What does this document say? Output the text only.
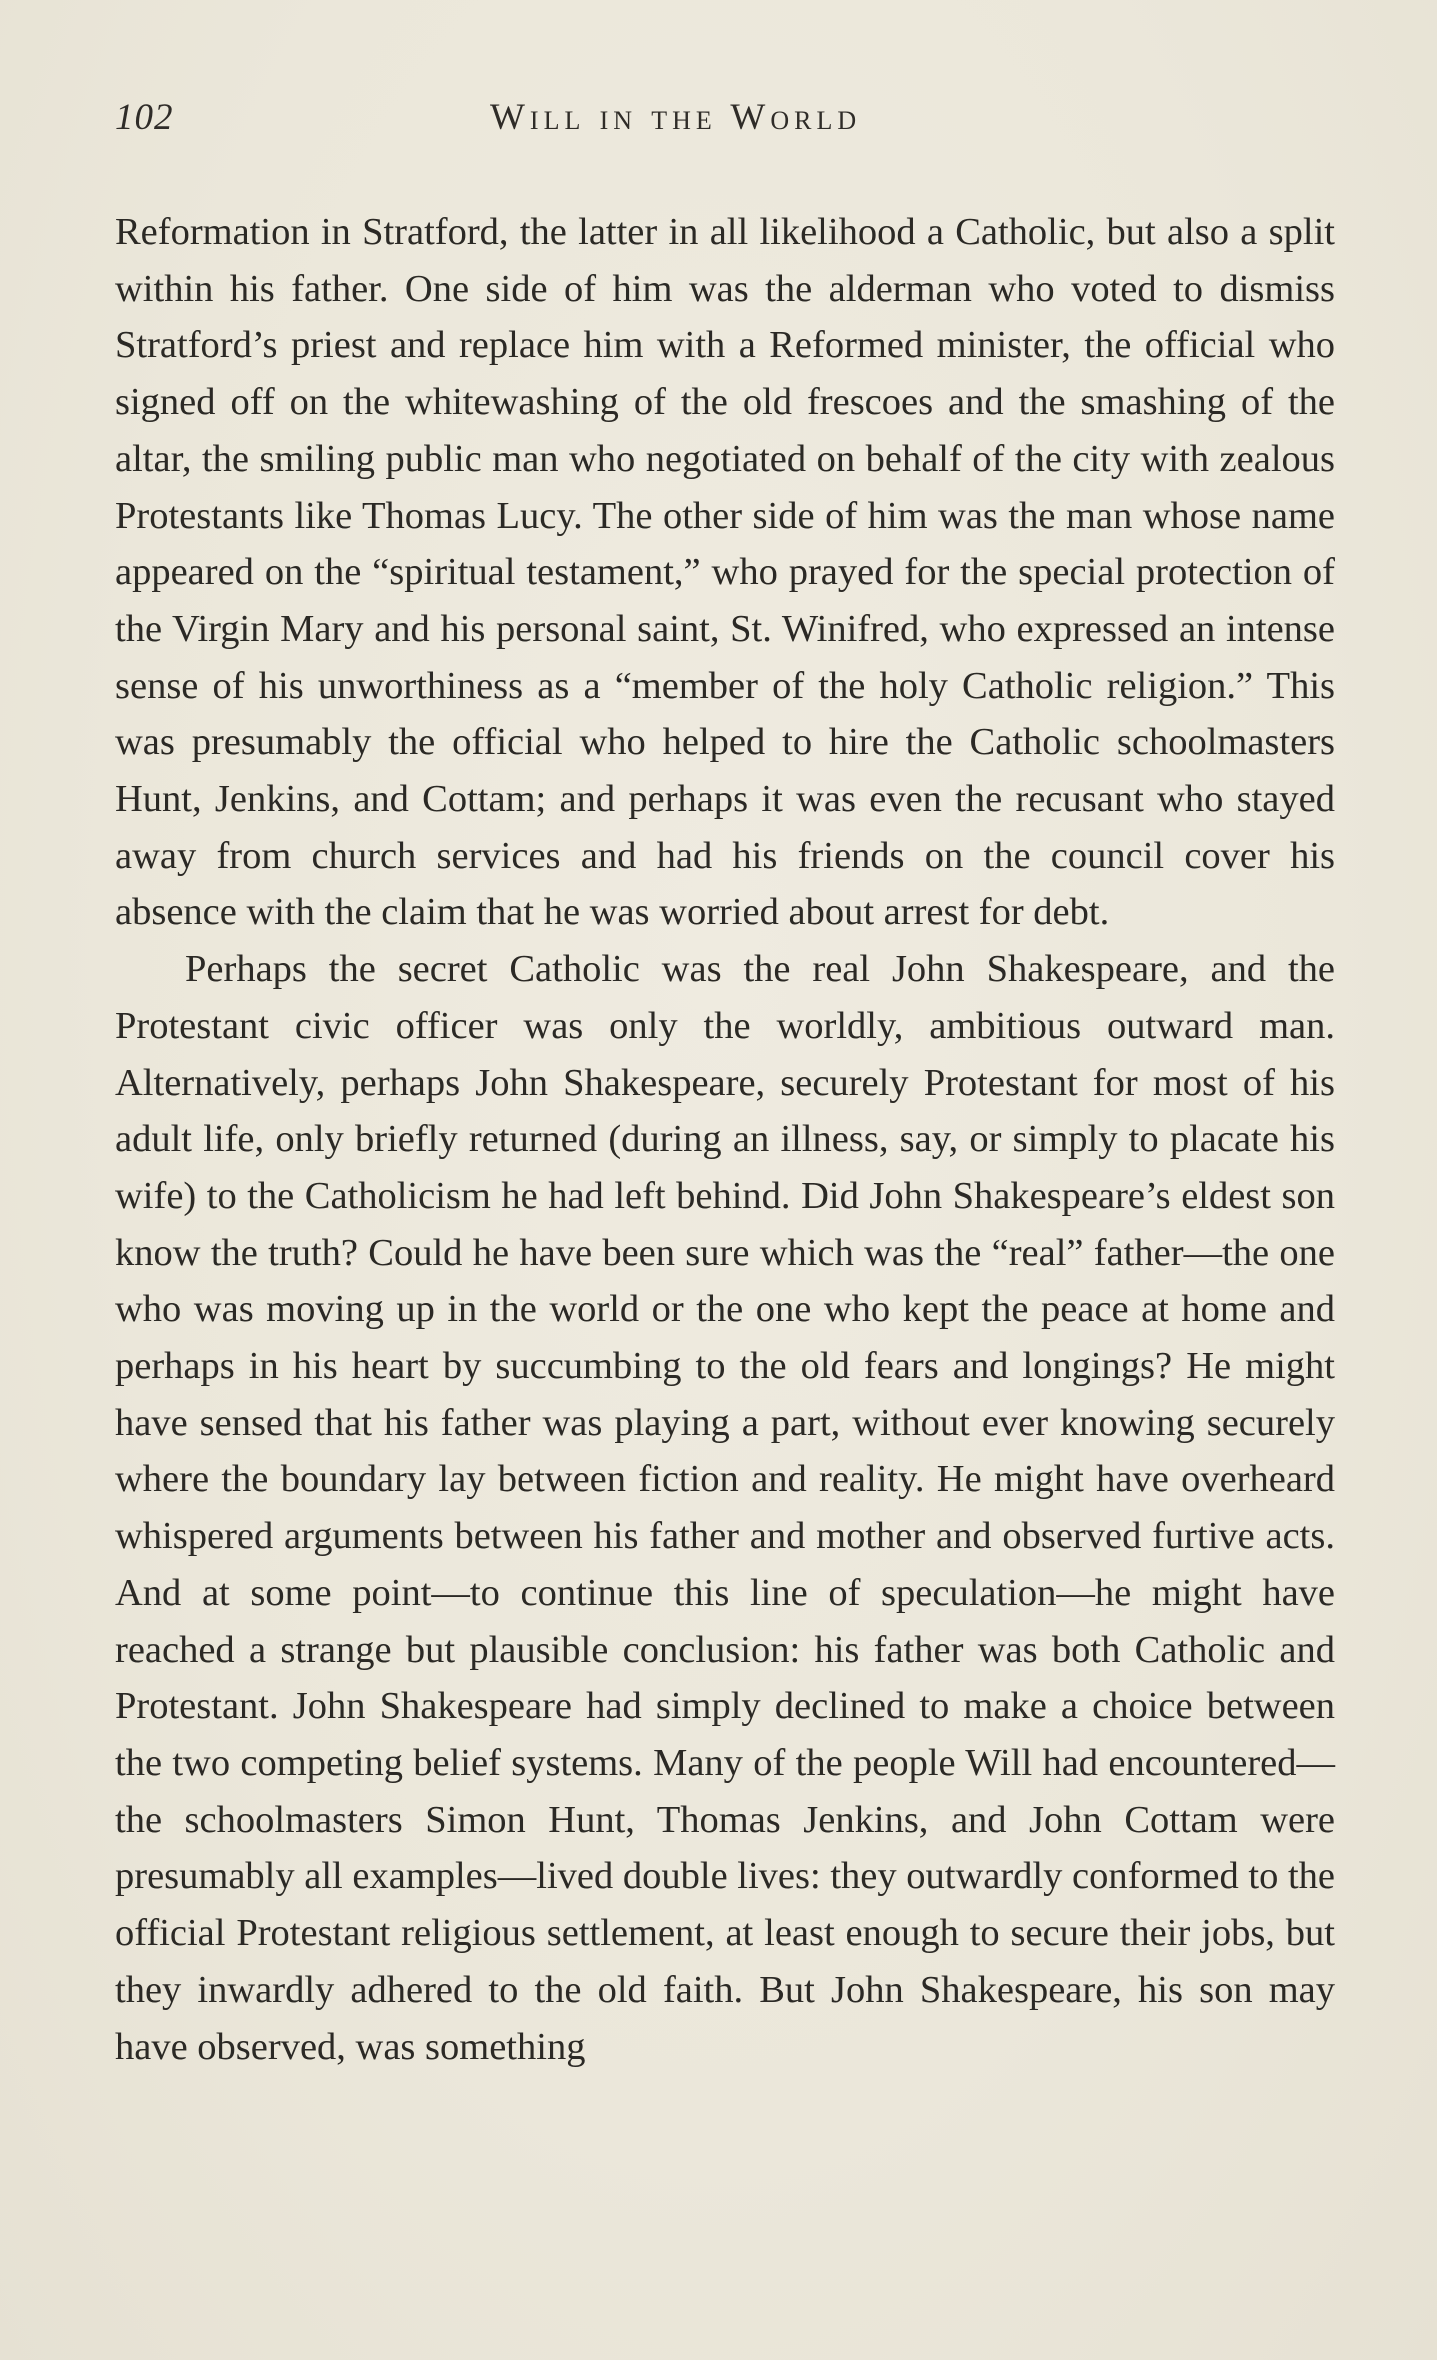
102	Will in the World

Reformation in Stratford, the latter in all likelihood a Catholic, but also a split within his father. One side of him was the alderman who voted to dismiss Stratford’s priest and replace him with a Reformed minister, the official who signed off on the whitewashing of the old frescoes and the smashing of the altar, the smiling public man who negotiated on behalf of the city with zealous Protestants like Thomas Lucy. The other side of him was the man whose name appeared on the “spiritual testament,” who prayed for the special protection of the Virgin Mary and his personal saint, St. Winifred, who expressed an intense sense of his unworthiness as a “member of the holy Catholic religion.” This was presumably the official who helped to hire the Catholic schoolmasters Hunt, Jenkins, and Cottam; and perhaps it was even the recusant who stayed away from church services and had his friends on the council cover his absence with the claim that he was worried about arrest for debt.

Perhaps the secret Catholic was the real John Shakespeare, and the Protestant civic officer was only the worldly, ambitious outward man. Alternatively, perhaps John Shakespeare, securely Protestant for most of his adult life, only briefly returned (during an illness, say, or simply to placate his wife) to the Catholicism he had left behind. Did John Shakespeare’s eldest son know the truth? Could he have been sure which was the “real” father—the one who was moving up in the world or the one who kept the peace at home and perhaps in his heart by succumbing to the old fears and longings? He might have sensed that his father was playing a part, without ever knowing securely where the boundary lay between fiction and reality. He might have overheard whispered arguments between his father and mother and observed furtive acts. And at some point—to continue this line of speculation—he might have reached a strange but plausible conclusion: his father was both Catholic and Protestant. John Shakespeare had simply declined to make a choice between the two competing belief systems. Many of the people Will had encountered—the schoolmasters Simon Hunt, Thomas Jenkins, and John Cottam were presumably all examples—lived double lives: they outwardly conformed to the official Protestant religious settlement, at least enough to secure their jobs, but they inwardly adhered to the old faith. But John Shakespeare, his son may have observed, was something
